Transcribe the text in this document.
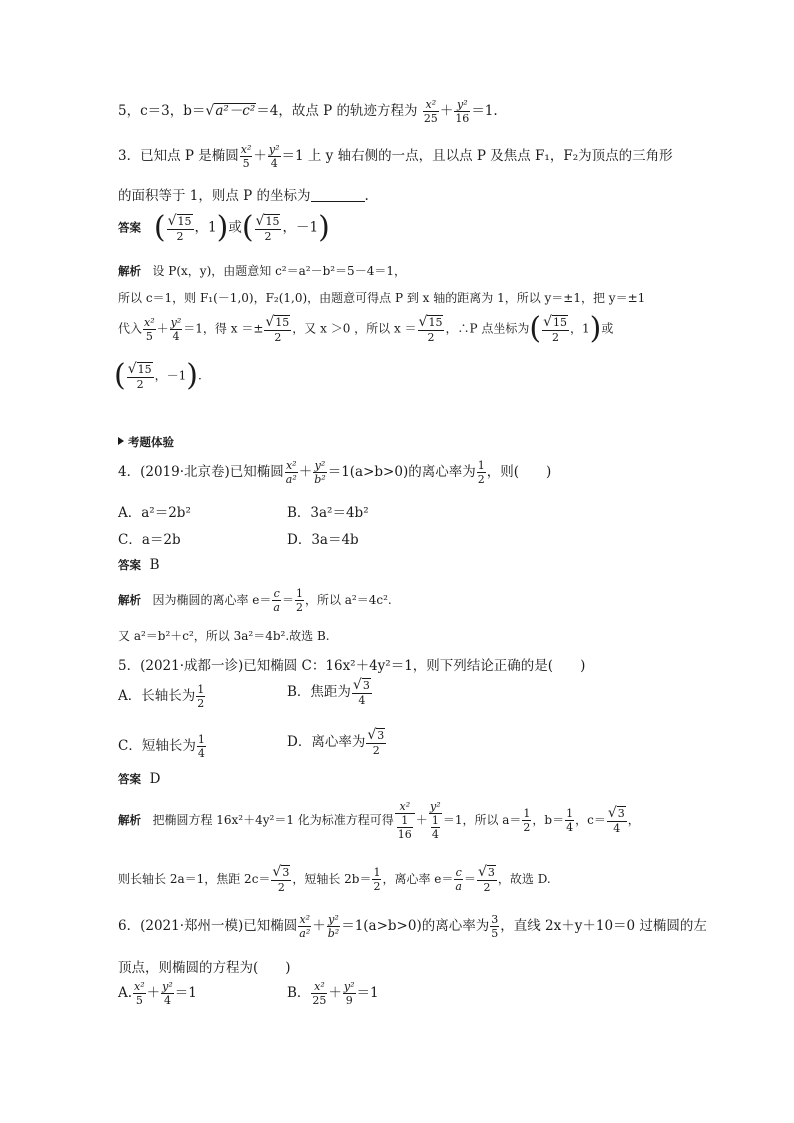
5，c＝3，b＝√a²－c²＝4，故点 P 的轨迹方程为 $\frac{\text{x²}}{25} + \frac{\text{y²}}{16} =1$.
3．已知点 P 是椭圆 $\frac{\text{x²}}{5} + \frac{\text{y²}}{4} =1$ 上 y 轴右侧的一点，且以点 P 及焦点 F₁，F₂为顶点的三角形
的面积等于 1，则点 P 的坐标为	.
答案 ( $\frac{√15}{2}$ ，1)或( $\frac{√15}{2}$ ，－1)
解析 设 P(x，y)，由题意知 c²＝a²－b²＝5－4＝1，
所以 c＝1，则 F₁(－1,0)，F₂(1,0)，由题意可得点 P 到 x 轴的距离为 1，所以 y＝±1，把 y＝±1
代入 $\frac{\text{x²}}{5} + \frac{\text{y²}}{4} =1$，得 $x =\pm \frac{√15}{2}$ ，又 x ＞0 ，所以 $x = \frac{√15}{2}$ ，∴P 点坐标为( $\frac{√15}{2}$ ，1)或
( $\frac{√15}{2}$ ，－1).
考题体验
4．(2019·北京卷)已知椭圆 $\frac{\text{x²}}{\text{a²}} + \frac{\text{y²}}{\text{b²}} =1(a>b>0)$的离心率为 $\frac{1}{2}$ ，则(　　)
A．a²＝2b²	B．3a²＝4b²
C．a＝2b	D．3a＝4b
答案 B
解析 因为椭圆的离心率 $e= \frac{c}{a} = \frac{1}{2}$ ，所以 a²＝4c².
又 a²＝b²＋c²，所以 3a²＝4b².故选 B.
5．(2021·成都一诊)已知椭圆 C：16x²＋4y²＝1，则下列结论正确的是(　　)
A．长轴长为 $\frac{1}{2}$	B．焦距为 $\frac{√3}{4}$
C．短轴长为 $\frac{1}{4}$	D．离心率为 $\frac{√3}{2}$
答案 D
解析 把椭圆方程 16x²＋4y²＝1 化为标准方程可得 $\frac{\text{x²}}{\frac{1}{16}} + \frac{\text{y²}}{\frac{1}{4}} =1$，所以 $a= \frac{1}{2}$ ，$b= \frac{1}{4}$ ，$c= \frac{√3}{4}$ ，
则长轴长 2a＝1，焦距 $2c= \frac{√3}{2}$ ，短轴长 $2b= \frac{1}{2}$ ，离心率 $e= \frac{c}{a} = \frac{√3}{2}$ ，故选 D.
6．(2021·郑州一模)已知椭圆 $\frac{\text{x²}}{\text{a²}} + \frac{\text{y²}}{\text{b²}} =1(a>b>0)$的离心率为 $\frac{3}{5}$ ，直线 2x＋y＋10＝0 过椭圆的左
顶点，则椭圆的方程为(　　)
A. $\frac{\text{x²}}{5} + \frac{\text{y²}}{4} =1$	B． $\frac{\text{x²}}{25} + \frac{\text{y²}}{9} =1$
